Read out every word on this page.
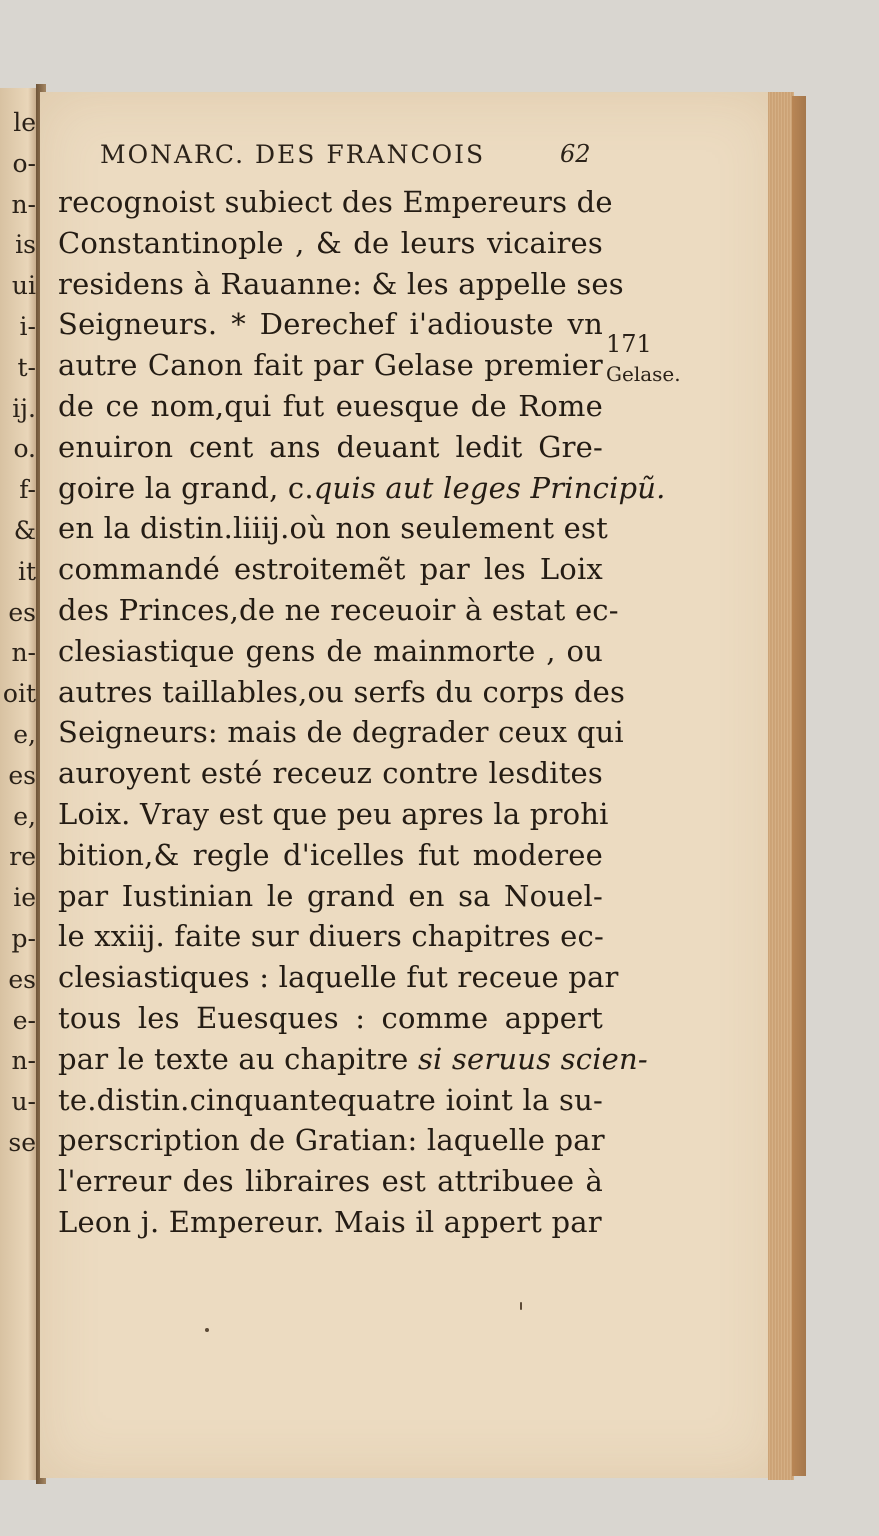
le
o-
n-
is
ui
i-
t-
ij.
o.
f-
&
it
es
n-
oit
e,
es
e,
re
ie
p-
es
e-
n-
u-
se
MONARC. DES FRANCOIS	62
171
Gelase.
recognoist subiect des Empereurs de
Constantinople , & de leurs vicaires
residens à Rauanne: & les appelle ses
Seigneurs. * Derechef i'adiouste vn
autre Canon fait par Gelase premier
de ce nom,qui fut euesque de Rome
enuiron cent ans deuant ledit Gre-
goire la grand, c.quis aut leges Principũ.
en la distin.liiij.où non seulement est
commandé estroitemẽt par les Loix
des Princes,de ne receuoir à estat ec-
clesiastique gens de mainmorte , ou
autres taillables,ou serfs du corps des
Seigneurs: mais de degrader ceux qui
auroyent esté receuz contre lesdites
Loix. Vray est que peu apres la prohi
bition,& regle d'icelles fut moderee
par Iustinian le grand en sa Nouel-
le xxiij. faite sur diuers chapitres ec-
clesiastiques : laquelle fut receue par
tous les Euesques : comme appert
par le texte au chapitre si seruus scien-
te.distin.cinquantequatre ioint la su-
perscription de Gratian: laquelle par
l'erreur des libraires est attribuee à
Leon j. Empereur. Mais il appert par
